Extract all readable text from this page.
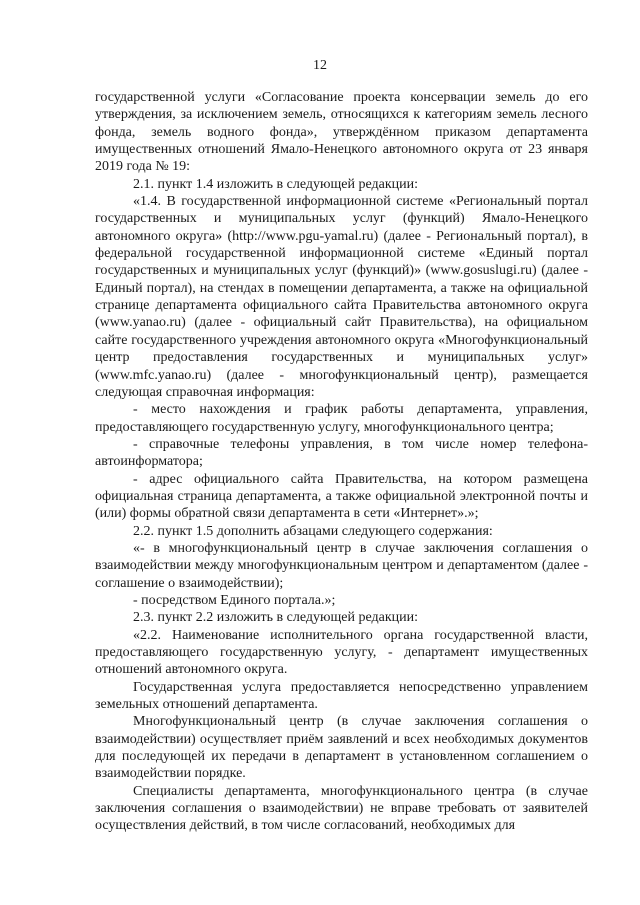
12

государственной услуги «Согласование проекта консервации земель до его утверждения, за исключением земель, относящихся к категориям земель лесного фонда, земель водного фонда», утверждённом приказом департамента имущественных отношений Ямало-Ненецкого автономного округа от 23 января 2019 года № 19:

2.1. пункт 1.4 изложить в следующей редакции:

«1.4. В государственной информационной системе «Региональный портал государственных и муниципальных услуг (функций) Ямало-Ненецкого автономного округа» (http://www.pgu-yamal.ru) (далее - Региональный портал), в федеральной государственной информационной системе «Единый портал государственных и муниципальных услуг (функций)» (www.gosuslugi.ru) (далее - Единый портал), на стендах в помещении департамента, а также на официальной странице департамента официального сайта Правительства автономного округа (www.yanao.ru) (далее - официальный сайт Правительства), на официальном сайте государственного учреждения автономного округа «Многофункциональный центр предоставления государственных и муниципальных услуг» (www.mfc.yanao.ru) (далее - многофункциональный центр), размещается следующая справочная информация:

- место нахождения и график работы департамента, управления, предоставляющего государственную услугу, многофункционального центра;

- справочные телефоны управления, в том числе номер телефона-автоинформатора;

- адрес официального сайта Правительства, на котором размещена официальная страница департамента, а также официальной электронной почты и (или) формы обратной связи департамента в сети «Интернет».»;

2.2. пункт 1.5 дополнить абзацами следующего содержания:

«- в многофункциональный центр в случае заключения соглашения о взаимодействии между многофункциональным центром и департаментом (далее - соглашение о взаимодействии);

- посредством Единого портала.»;

2.3. пункт 2.2 изложить в следующей редакции:

«2.2. Наименование исполнительного органа государственной власти, предоставляющего государственную услугу, - департамент имущественных отношений автономного округа.

Государственная услуга предоставляется непосредственно управлением земельных отношений департамента.

Многофункциональный центр (в случае заключения соглашения о взаимодействии) осуществляет приём заявлений и всех необходимых документов для последующей их передачи в департамент в установленном соглашением о взаимодействии порядке.

Специалисты департамента, многофункционального центра (в случае заключения соглашения о взаимодействии) не вправе требовать от заявителей осуществления действий, в том числе согласований, необходимых для
